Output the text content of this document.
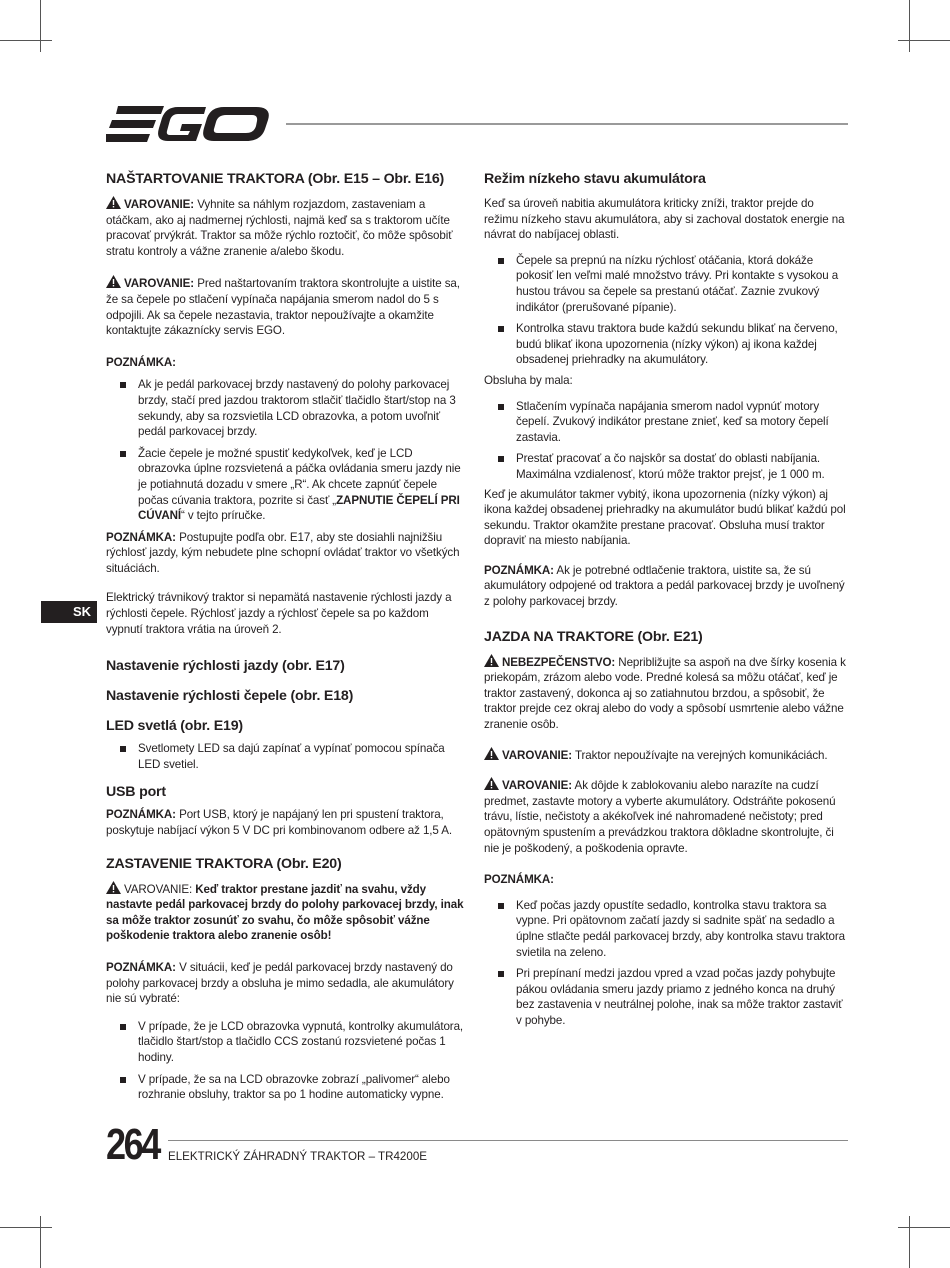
NAŠTARTOVANIE TRAKTORA (Obr. E15 – Obr. E16)

VAROVANIE: Vyhnite sa náhlym rozjazdom, zastaveniam a otáčkam, ako aj nadmernej rýchlosti, najmä keď sa s traktorom učíte pracovať prvýkrát. Traktor sa môže rýchlo roztočiť, čo môže spôsobiť stratu kontroly a vážne zranenie a/alebo škodu.

VAROVANIE: Pred naštartovaním traktora skontrolujte a uistite sa, že sa čepele po stlačení vypínača napájania smerom nadol do 5 s odpojili. Ak sa čepele nezastavia, traktor nepoužívajte a okamžite kontaktujte zákaznícky servis EGO.

POZNÁMKA:

Ak je pedál parkovacej brzdy nastavený do polohy parkovacej brzdy, stačí pred jazdou traktorom stlačiť tlačidlo štart/stop na 3 sekundy, aby sa rozsvietila LCD obrazovka, a potom uvoľniť pedál parkovacej brzdy.
Žacie čepele je možné spustiť kedykoľvek, keď je LCD obrazovka úplne rozsvietená a páčka ovládania smeru jazdy nie je potiahnutá dozadu v smere „R“. Ak chcete zapnúť čepele počas cúvania traktora, pozrite si časť „ZAPNUTIE ČEPELÍ PRI CÚVANÍ“ v tejto príručke.

POZNÁMKA: Postupujte podľa obr. E17, aby ste dosiahli najnižšiu rýchlosť jazdy, kým nebudete plne schopní ovládať traktor vo všetkých situáciách.

Elektrický trávnikový traktor si nepamätá nastavenie rýchlosti jazdy a rýchlosti čepele. Rýchlosť jazdy a rýchlosť čepele sa po každom vypnutí traktora vrátia na úroveň 2.

Nastavenie rýchlosti jazdy (obr. E17)
Nastavenie rýchlosti čepele (obr. E18)
LED svetlá (obr. E19)
Svetlomety LED sa dajú zapínať a vypínať pomocou spínača LED svetiel.
USB port

POZNÁMKA: Port USB, ktorý je napájaný len pri spustení traktora, poskytuje nabíjací výkon 5 V DC pri kombinovanom odbere až 1,5 A.

ZASTAVENIE TRAKTORA (Obr. E20)

VAROVANIE: Keď traktor prestane jazdiť na svahu, vždy nastavte pedál parkovacej brzdy do polohy parkovacej brzdy, inak sa môže traktor zosunúť zo svahu, čo môže spôsobiť vážne poškodenie traktora alebo zranenie osôb!

POZNÁMKA: V situácii, keď je pedál parkovacej brzdy nastavený do polohy parkovacej brzdy a obsluha je mimo sedadla, ale akumulátory nie sú vybraté:

V prípade, že je LCD obrazovka vypnutá, kontrolky akumulátora, tlačidlo štart/stop a tlačidlo CCS zostanú rozsvietené počas 1 hodiny.
V prípade, že sa na LCD obrazovke zobrazí „palivomer“ alebo rozhranie obsluhy, traktor sa po 1 hodine automaticky vypne.
Režim nízkeho stavu akumulátora

Keď sa úroveň nabitia akumulátora kriticky zníži, traktor prejde do režimu nízkeho stavu akumulátora, aby si zachoval dostatok energie na návrat do nabíjacej oblasti.

Čepele sa prepnú na nízku rýchlosť otáčania, ktorá dokáže pokosiť len veľmi malé množstvo trávy. Pri kontakte s vysokou a hustou trávou sa čepele sa prestanú otáčať. Zaznie zvukový indikátor (prerušované pípanie).
Kontrolka stavu traktora bude každú sekundu blikať na červeno, budú blikať ikona upozornenia (nízky výkon) aj ikona každej obsadenej priehradky na akumulátory.

Obsluha by mala:

Stlačením vypínača napájania smerom nadol vypnúť motory čepelí. Zvukový indikátor prestane znieť, keď sa motory čepelí zastavia.
Prestať pracovať a čo najskôr sa dostať do oblasti nabíjania. Maximálna vzdialenosť, ktorú môže traktor prejsť, je 1 000 m.

Keď je akumulátor takmer vybitý, ikona upozornenia (nízky výkon) aj ikona každej obsadenej priehradky na akumulátor budú blikať každú pol sekundu. Traktor okamžite prestane pracovať. Obsluha musí traktor dopraviť na miesto nabíjania.

POZNÁMKA: Ak je potrebné odtlačenie traktora, uistite sa, že sú akumulátory odpojené od traktora a pedál parkovacej brzdy je uvoľnený z polohy parkovacej brzdy.

JAZDA NA TRAKTORE (Obr. E21)

NEBEZPEČENSTVO: Nepribližujte sa aspoň na dve šírky kosenia k priekopám, zrázom alebo vode. Predné kolesá sa môžu otáčať, keď je traktor zastavený, dokonca aj so zatiahnutou brzdou, a spôsobiť, že traktor prejde cez okraj alebo do vody a spôsobí usmrtenie alebo vážne zranenie osôb.

VAROVANIE: Traktor nepoužívajte na verejných komunikáciách.

VAROVANIE: Ak dôjde k zablokovaniu alebo narazíte na cudzí predmet, zastavte motory a vyberte akumulátory. Odstráňte pokosenú trávu, lístie, nečistoty a akékoľvek iné nahromadené nečistoty; pred opätovným spustením a prevádzkou traktora dôkladne skontrolujte, či nie je poškodený, a poškodenia opravte.

POZNÁMKA:

Keď počas jazdy opustíte sedadlo, kontrolka stavu traktora sa vypne. Pri opätovnom začatí jazdy si sadnite späť na sedadlo a úplne stlačte pedál parkovacej brzdy, aby kontrolka stavu traktora svietila na zeleno.
Pri prepínaní medzi jazdou vpred a vzad počas jazdy pohybujte pákou ovládania smeru jazdy priamo z jedného konca na druhý bez zastavenia v neutrálnej polohe, inak sa môže traktor zastaviť v pohybe.
SK
264 ELEKTRICKÝ ZÁHRADNÝ TRAKTOR – TR4200E
